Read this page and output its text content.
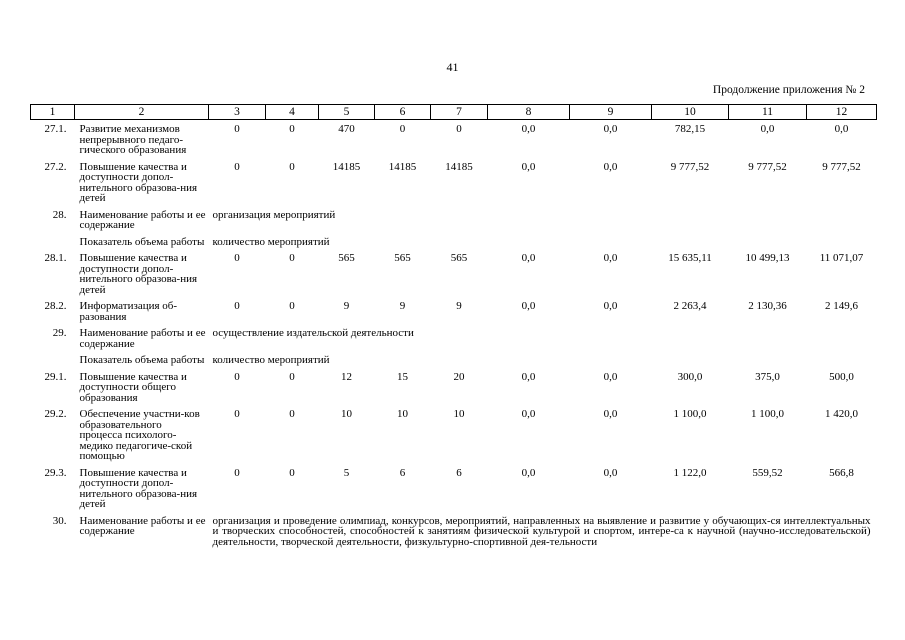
41
Продолжение приложения № 2
1	2	3	4	5	6	7	8	9	10	11	12
27.1.	Развитие механизмов непрерывного педаго-гического образования	0	0	470	0	0	0,0	0,0	782,15	0,0	0,0
27.2.	Повышение качества и доступности допол-нительного образова-ния детей	0	0	14185	14185	14185	0,0	0,0	9 777,52	9 777,52	9 777,52
28.	Наименование работы и ее содержание	организация мероприятий									
	Показатель объема работы	количество мероприятий									
28.1.	Повышение качества и доступности допол-нительного образова-ния детей	0	0	565	565	565	0,0	0,0	15 635,11	10 499,13	11 071,07
28.2.	Информатизация об-разования	0	0	9	9	9	0,0	0,0	2 263,4	2 130,36	2 149,6
29.	Наименование работы и ее содержание	осуществление издательской деятельности									
	Показатель объема работы	количество мероприятий									
29.1.	Повышение качества и доступности общего образования	0	0	12	15	20	0,0	0,0	300,0	375,0	500,0
29.2.	Обеспечение участни-ков образовательного процесса психолого-медико педагогиче-ской помощью	0	0	10	10	10	0,0	0,0	1 100,0	1 100,0	1 420,0
29.3.	Повышение качества и доступности допол-нительного образова-ния детей	0	0	5	6	6	0,0	0,0	1 122,0	559,52	566,8
30.	Наименование работы и ее содержание	организация и проведение олимпиад, конкурсов, мероприятий, направленных на выявление и развитие у обучающих-ся интеллектуальных и творческих способностей, способностей к занятиям физической культурой и спортом, интере-са к научной (научно-исследовательской) деятельности, творческой деятельности, физкультурно-спортивной дея-тельности									
